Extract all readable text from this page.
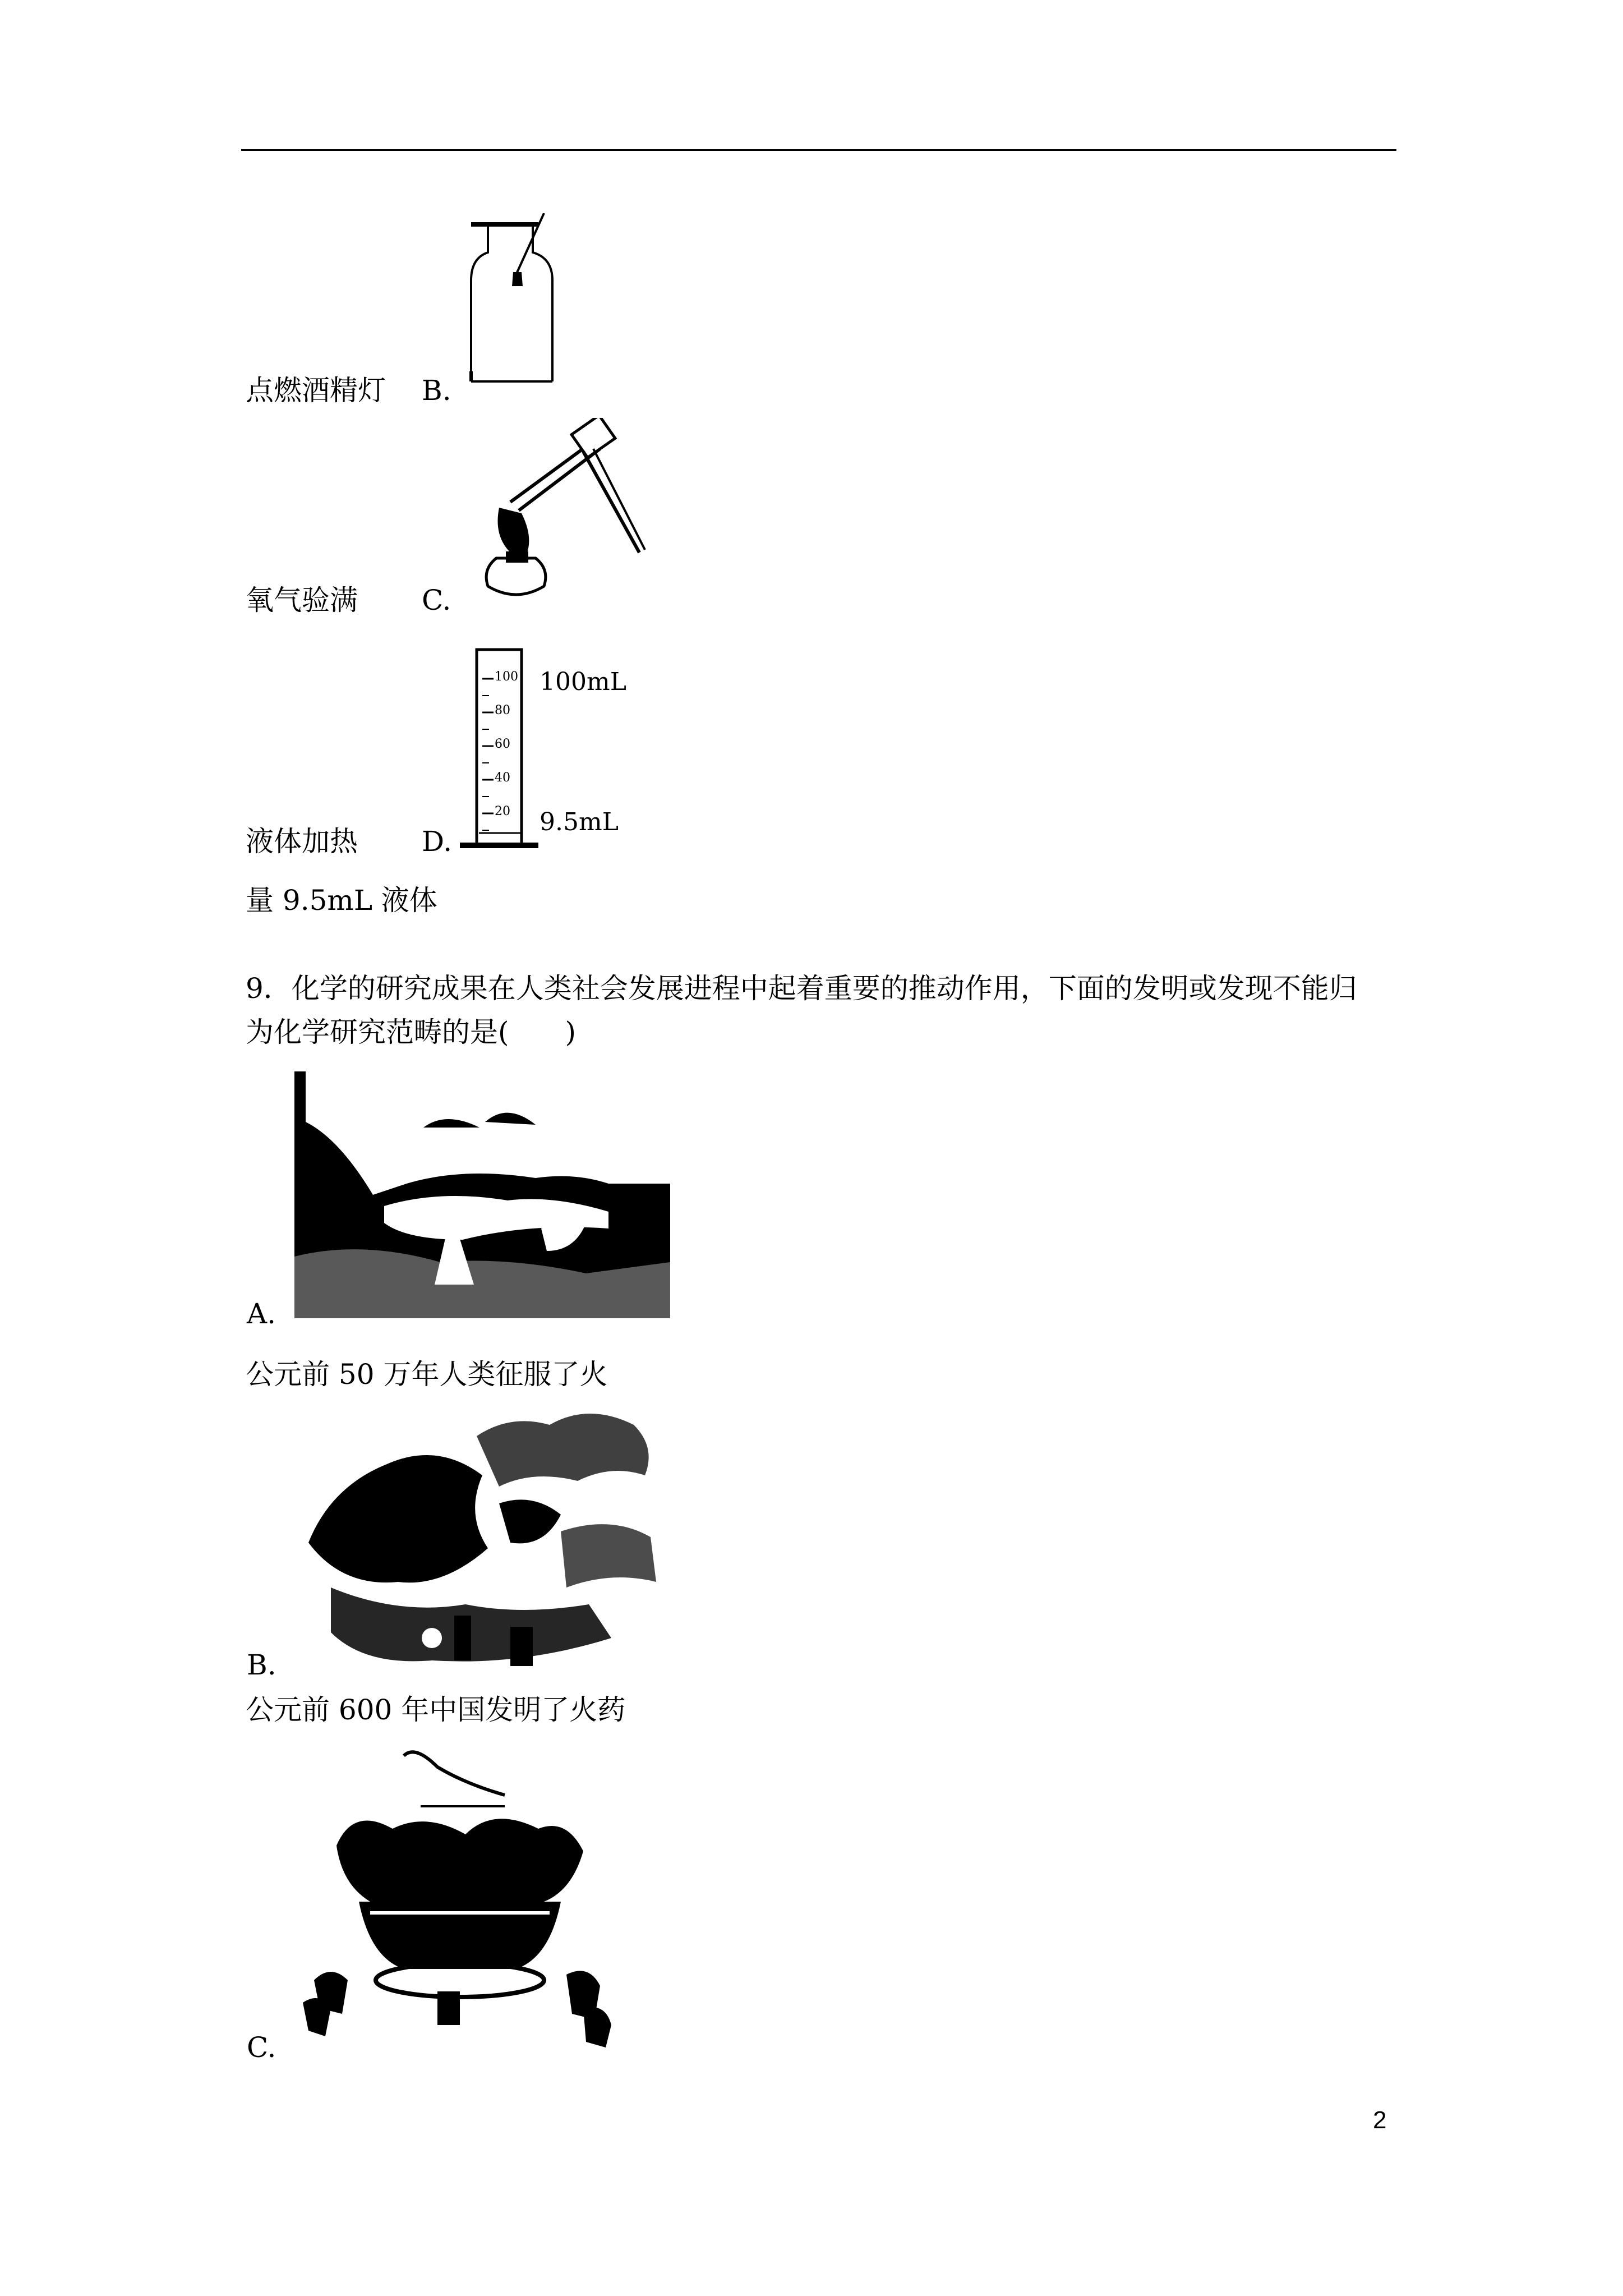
点燃酒精灯 B.
氧气验满 C.
100
80
60
40
20
100mL
9.5mL
液体加热 D.
量 9.5mL 液体
9．化学的研究成果在人类社会发展进程中起着重要的推动作用，下面的发明或发现不能归
为化学研究范畴的是(　　)
A.
公元前 50 万年人类征服了火
B.
公元前 600 年中国发明了火药
C.
2
